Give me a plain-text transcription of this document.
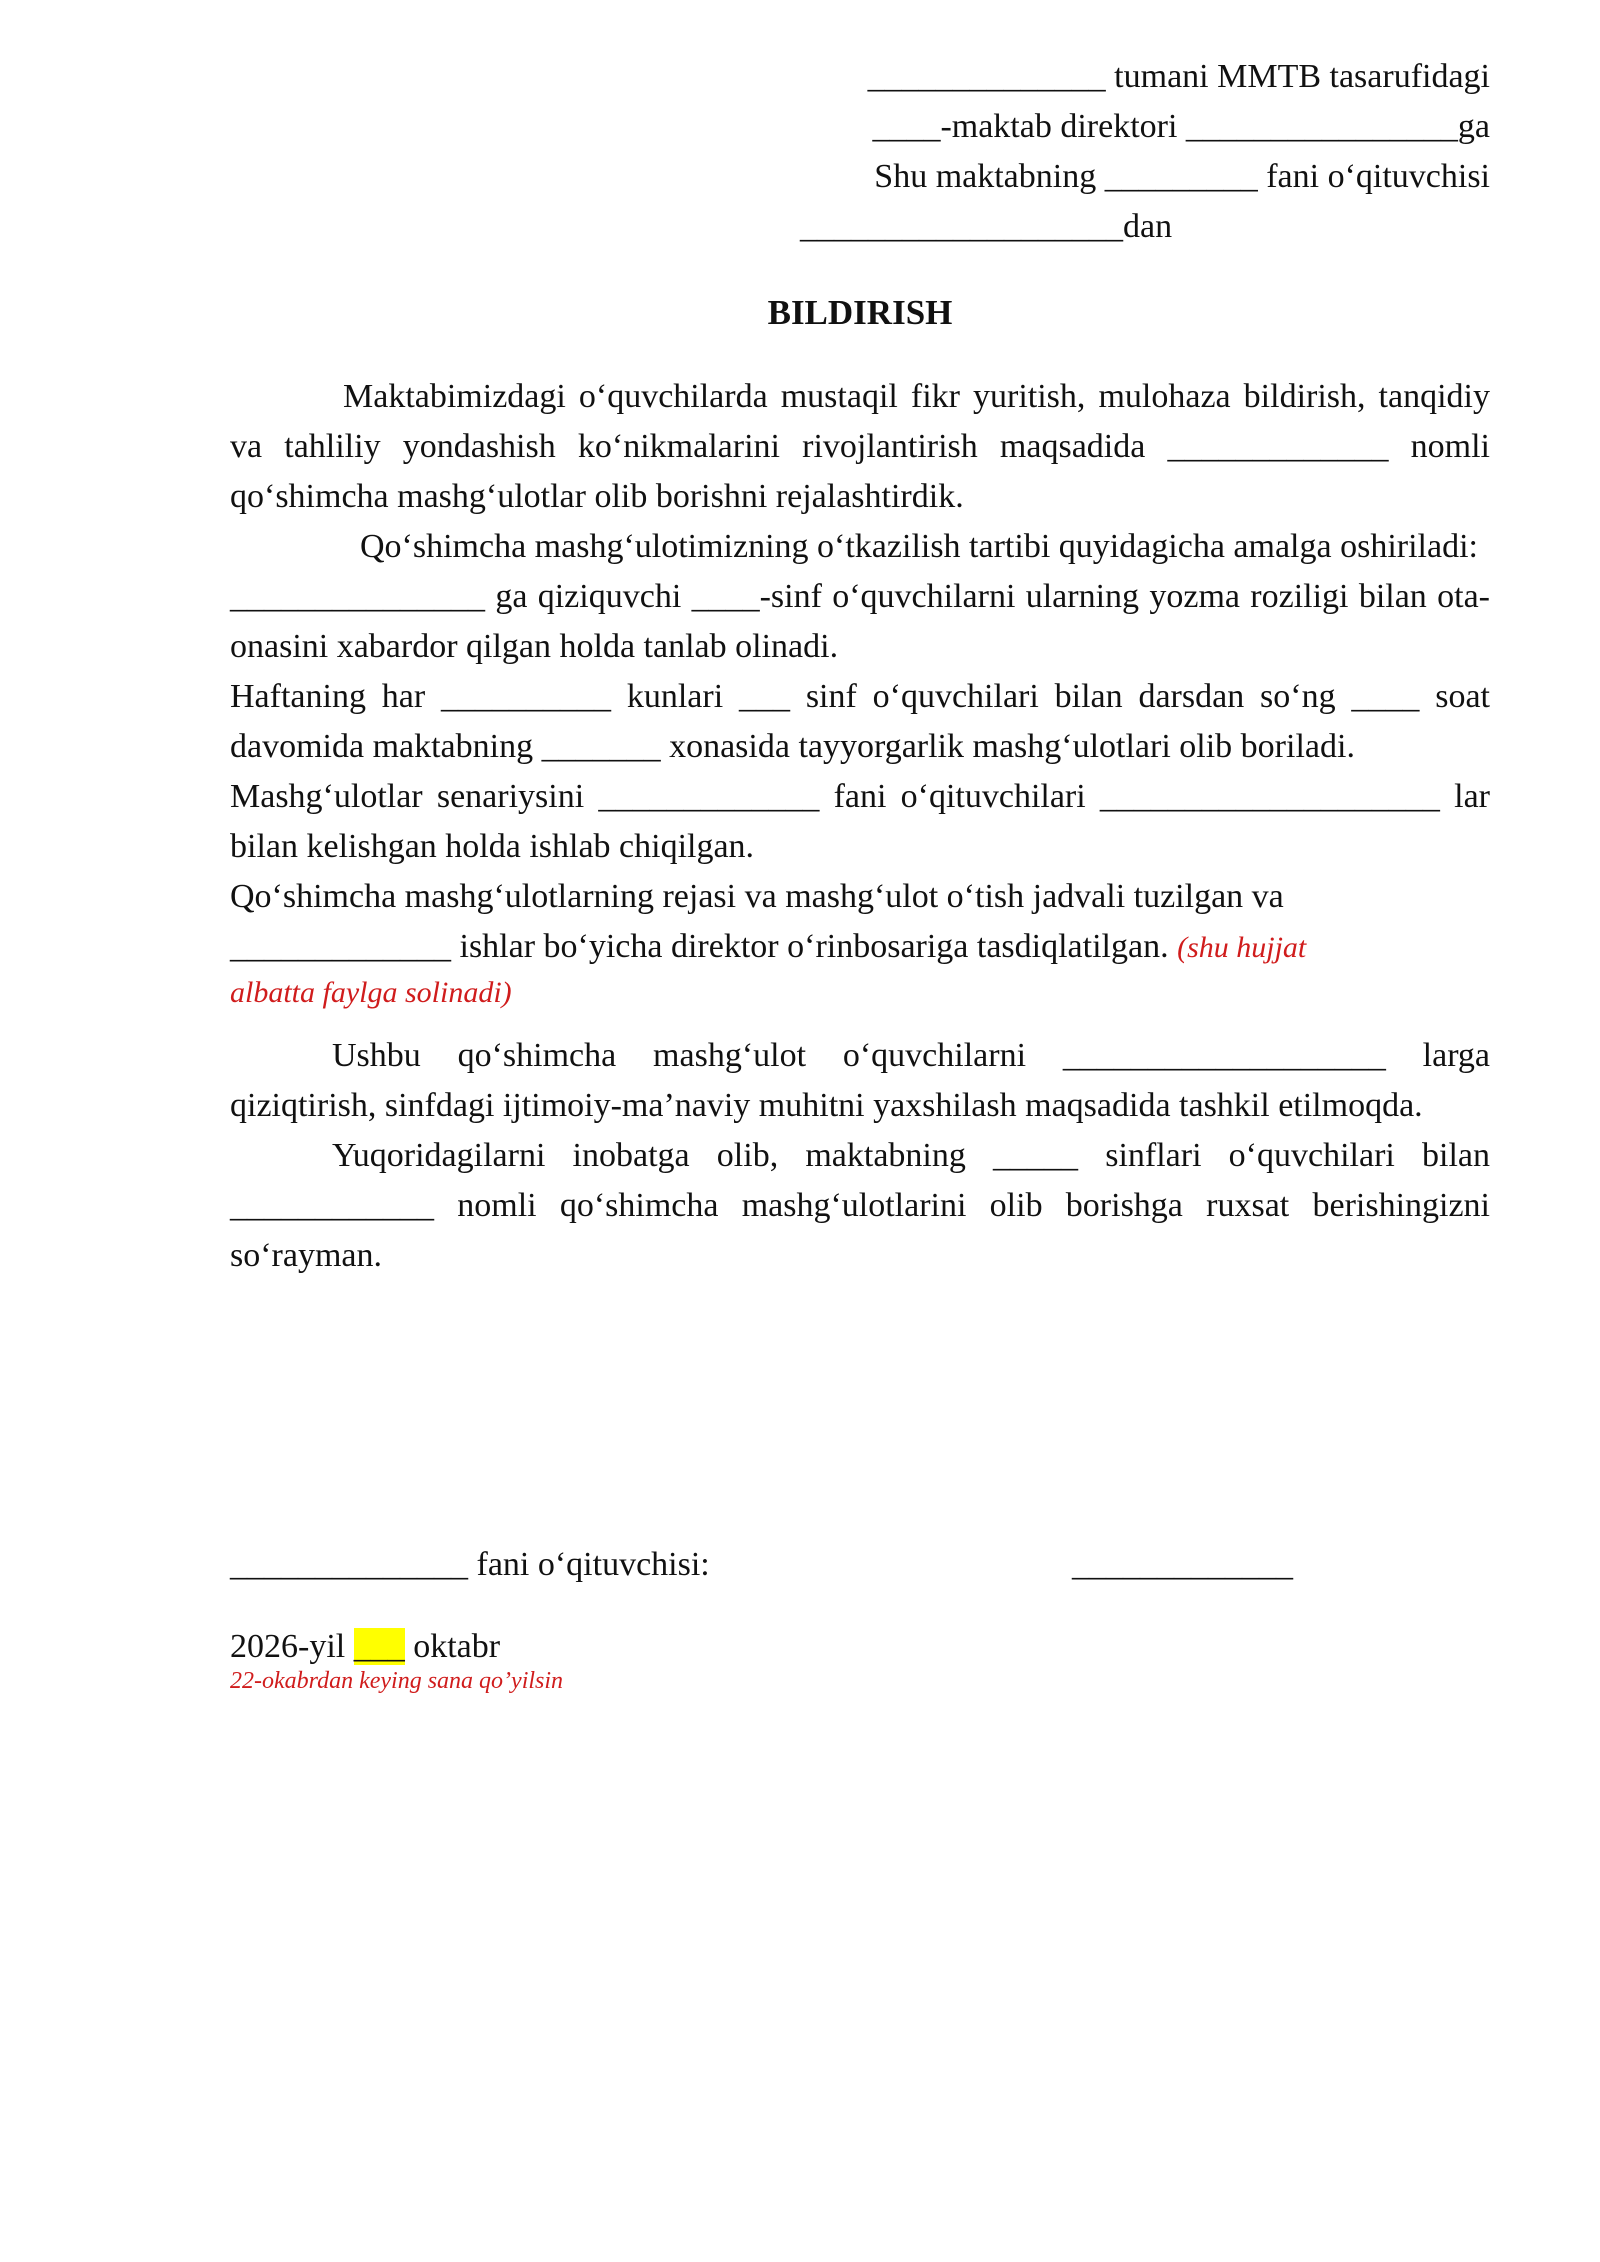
______________ tumani MMTB tasarufidagi
____-maktab direktori ________________ga
Shu maktabning _________ fani o‘qituvchisi
___________________dan
BILDIRISH

Maktabimizdagi o‘quvchilarda mustaqil fikr yuritish, mulohaza bildirish, tanqidiy va tahliliy yondashish ko‘nikmalarini rivojlantirish maqsadida _____________ nomli qo‘shimcha mashg‘ulotlar olib borishni rejalashtirdik.

Qo‘shimcha mashg‘ulotimizning o‘tkazilish tartibi quyidagicha amalga oshiriladi:

_______________ ga qiziquvchi ____-sinf o‘quvchilarni ularning yozma roziligi bilan ota-onasini xabardor qilgan holda tanlab olinadi.

Haftaning har __________ kunlari ___ sinf o‘quvchilari bilan darsdan so‘ng ____ soat davomida maktabning _______ xonasida tayyorgarlik mashg‘ulotlari olib boriladi.

Mashg‘ulotlar senariysini _____________ fani o‘qituvchilari ____________________ lar bilan kelishgan holda ishlab chiqilgan.

Qo‘shimcha mashg‘ulotlarning rejasi va mashg‘ulot o‘tish jadvali tuzilgan va
_____________ ishlar bo‘yicha direktor o‘rinbosariga tasdiqlatilgan. (shu hujjat

albatta faylga solinadi)

Ushbu qo‘shimcha mashg‘ulot o‘quvchilarni ___________________ larga qiziqtirish, sinfdagi ijtimoiy-ma’naviy muhitni yaxshilash maqsadida tashkil etilmoqda.

Yuqoridagilarni inobatga olib, maktabning _____ sinflari o‘quvchilari bilan ____________ nomli qo‘shimcha mashg‘ulotlarini olib borishga ruxsat berishingizni so‘rayman.

______________ fani o‘qituvchisi:	_____________
2026-yil ___ oktabr
22-okabrdan keying sana qo’yilsin
